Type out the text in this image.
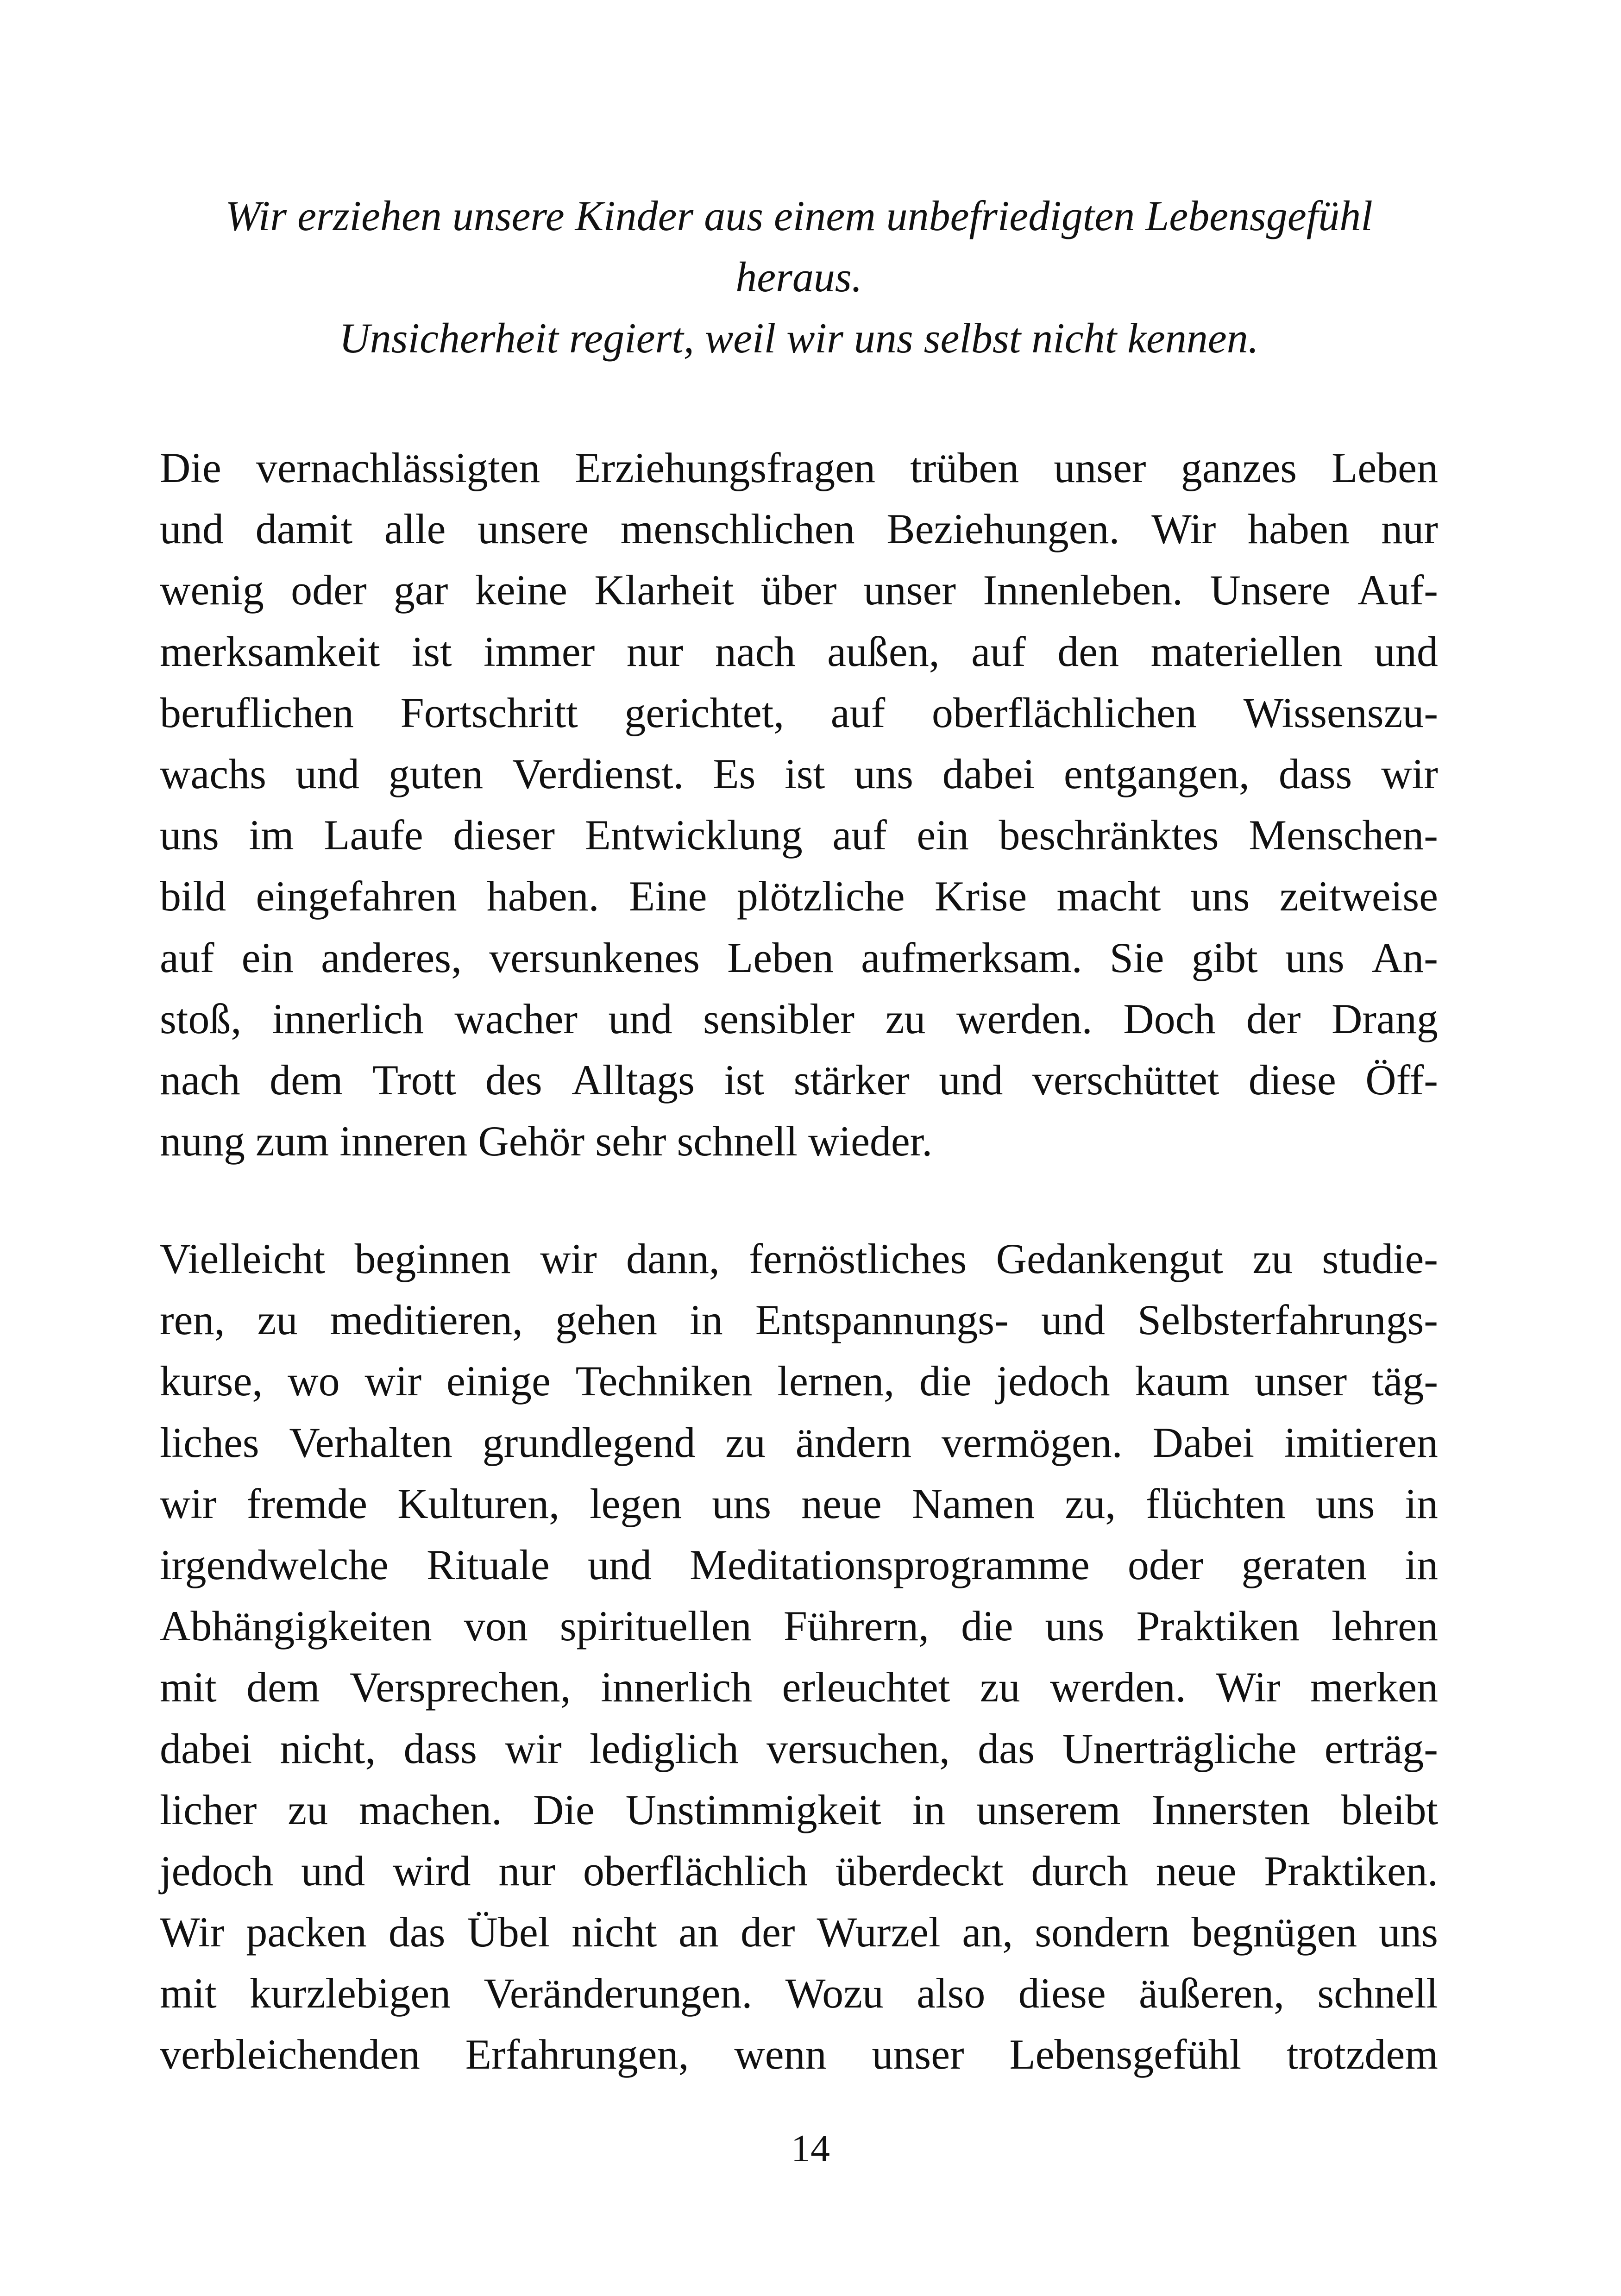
Wir erziehen unsere Kinder aus einem unbefriedigten Lebensgefühl
heraus.
Unsicherheit regiert, weil wir uns selbst nicht kennen.
Die vernachlässigten Erziehungsfragen trüben unser ganzes Leben
und damit alle unsere menschlichen Beziehungen. Wir haben nur
wenig oder gar keine Klarheit über unser Innenleben. Unsere Auf-
merksamkeit ist immer nur nach außen, auf den materiellen und
beruflichen Fortschritt gerichtet, auf oberflächlichen Wissenszu-
wachs und guten Verdienst. Es ist uns dabei entgangen, dass wir
uns im Laufe dieser Entwicklung auf ein beschränktes Menschen-
bild eingefahren haben. Eine plötzliche Krise macht uns zeitweise
auf ein anderes, versunkenes Leben aufmerksam. Sie gibt uns An-
stoß, innerlich wacher und sensibler zu werden. Doch der Drang
nach dem Trott des Alltags ist stärker und verschüttet diese Öff-
nung zum inneren Gehör sehr schnell wieder.
Vielleicht beginnen wir dann, fernöstliches Gedankengut zu studie-
ren, zu meditieren, gehen in Entspannungs- und Selbsterfahrungs-
kurse, wo wir einige Techniken lernen, die jedoch kaum unser täg-
liches Verhalten grundlegend zu ändern vermögen. Dabei imitieren
wir fremde Kulturen, legen uns neue Namen zu, flüchten uns in
irgendwelche Rituale und Meditationsprogramme oder geraten in
Abhängigkeiten von spirituellen Führern, die uns Praktiken lehren
mit dem Versprechen, innerlich erleuchtet zu werden. Wir merken
dabei nicht, dass wir lediglich versuchen, das Unerträgliche erträg-
licher zu machen. Die Unstimmigkeit in unserem Innersten bleibt
jedoch und wird nur oberflächlich überdeckt durch neue Praktiken.
Wir packen das Übel nicht an der Wurzel an, sondern begnügen uns
mit kurzlebigen Veränderungen. Wozu also diese äußeren, schnell
verbleichenden Erfahrungen, wenn unser Lebensgefühl trotzdem
14
